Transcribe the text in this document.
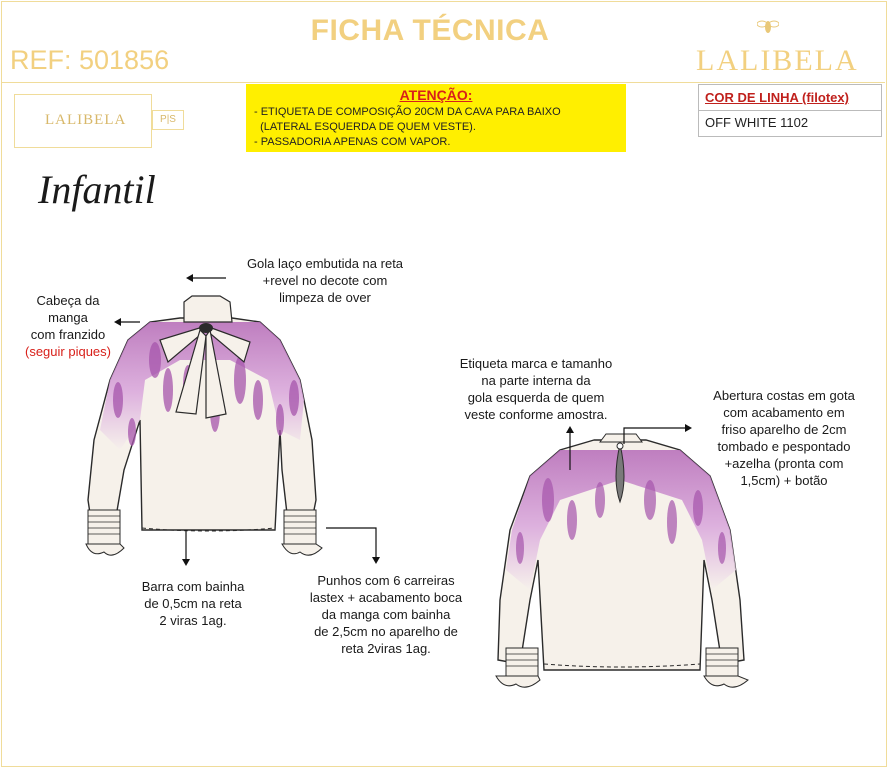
FICHA TÉCNICA
REF: 501856	LALIBELA
LALIBELA	P|S
ATENÇÃO:
- ETIQUETA DE COMPOSIÇÃO 20CM DA CAVA PARA BAIXO
(LATERAL ESQUERDA DE QUEM VESTE).
- PASSADORIA APENAS COM VAPOR.
COR DE LINHA (filotex)
OFF WHITE 1102
Infantil
Gola laço embutida na reta
+revel no decote com
limpeza de over
Cabeça da
manga
com franzido
(seguir piques)
Barra com bainha
de 0,5cm na reta
2 viras 1ag.
Punhos com 6 carreiras
lastex + acabamento boca
da manga com bainha
de 2,5cm no aparelho de
reta 2viras 1ag.
Etiqueta marca e tamanho
na parte interna da
gola esquerda de quem
veste conforme amostra.
Abertura costas em gota
com acabamento em
friso aparelho de 2cm
tombado e pespontado
+azelha (pronta com
1,5cm) + botão
